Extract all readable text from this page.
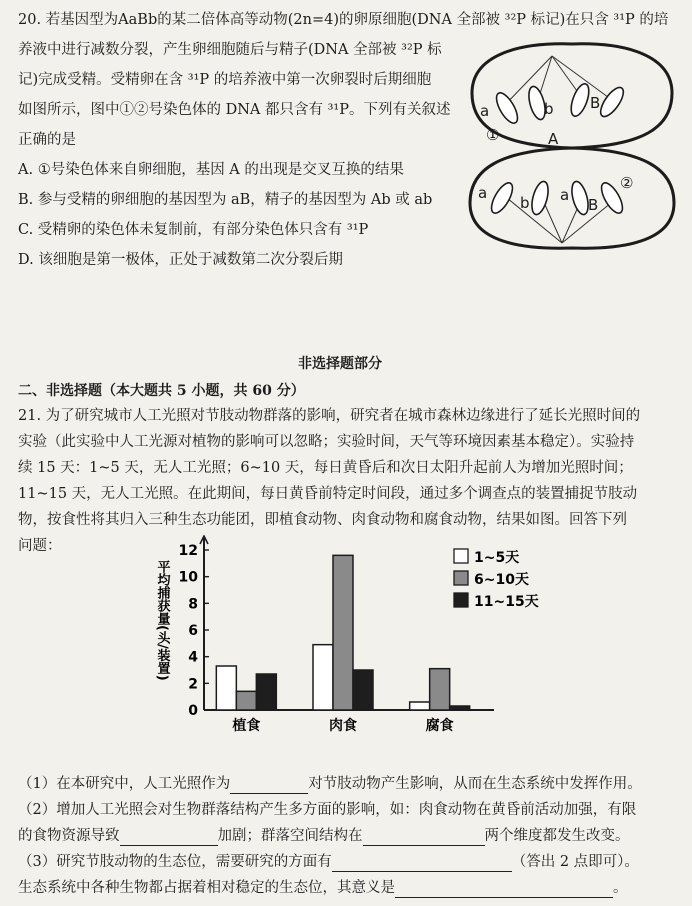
20. 若基因型为AaBb的某二倍体高等动物(2n=4)的卵原细胞(DNA 全部被 ³²P 标记)在只含 ³¹P 的培
养液中进行减数分裂，产生卵细胞随后与精子(DNA 全部被 ³²P 标
记)完成受精。受精卵在含 ³¹P 的培养液中第一次卵裂时后期细胞
如图所示，图中①②号染色体的 DNA 都只含有 ³¹P。下列有关叙述
正确的是
A. ①号染色体来自卵细胞，基因 A 的出现是交叉互换的结果
B. 参与受精的卵细胞的基因型为 aB，精子的基因型为 Ab 或 ab
C. 受精卵的染色体未复制前，有部分染色体只含有 ³¹P
D. 该细胞是第一极体，正处于减数第二次分裂后期
a	b B
A
①
a
b a
B
②
非选择题部分
二、非选择题（本大题共 5 小题，共 60 分）
21. 为了研究城市人工光照对节肢动物群落的影响，研究者在城市森林边缘进行了延长光照时间的
实验（此实验中人工光源对植物的影响可以忽略；实验时间，天气等环境因素基本稳定）。实验持
续 15 天：1~5 天，无人工光照；6~10 天，每日黄昏后和次日太阳升起前人为增加光照时间；
11~15 天，无人工光照。在此期间，每日黄昏前特定时间段，通过多个调查点的装置捕捉节肢动
物，按食性将其归入三种生态功能团，即植食动物、肉食动物和腐食动物，结果如图。回答下列
问题：
0
2
4
6
8
10
12
平均捕获量(头/装置)
植食	肉食	腐食
1~5天
6~10天
11~15天
（1）在本研究中，人工光照作为	对节肢动物产生影响，从而在生态系统中发挥作用。
（2）增加人工光照会对生物群落结构产生多方面的影响，如：肉食动物在黄昏前活动加强，有限
的食物资源导致	加剧；群落空间结构在	两个维度都发生改变。
（3）研究节肢动物的生态位，需要研究的方面有	（答出 2 点即可）。
生态系统中各种生物都占据着相对稳定的生态位，其意义是	。
